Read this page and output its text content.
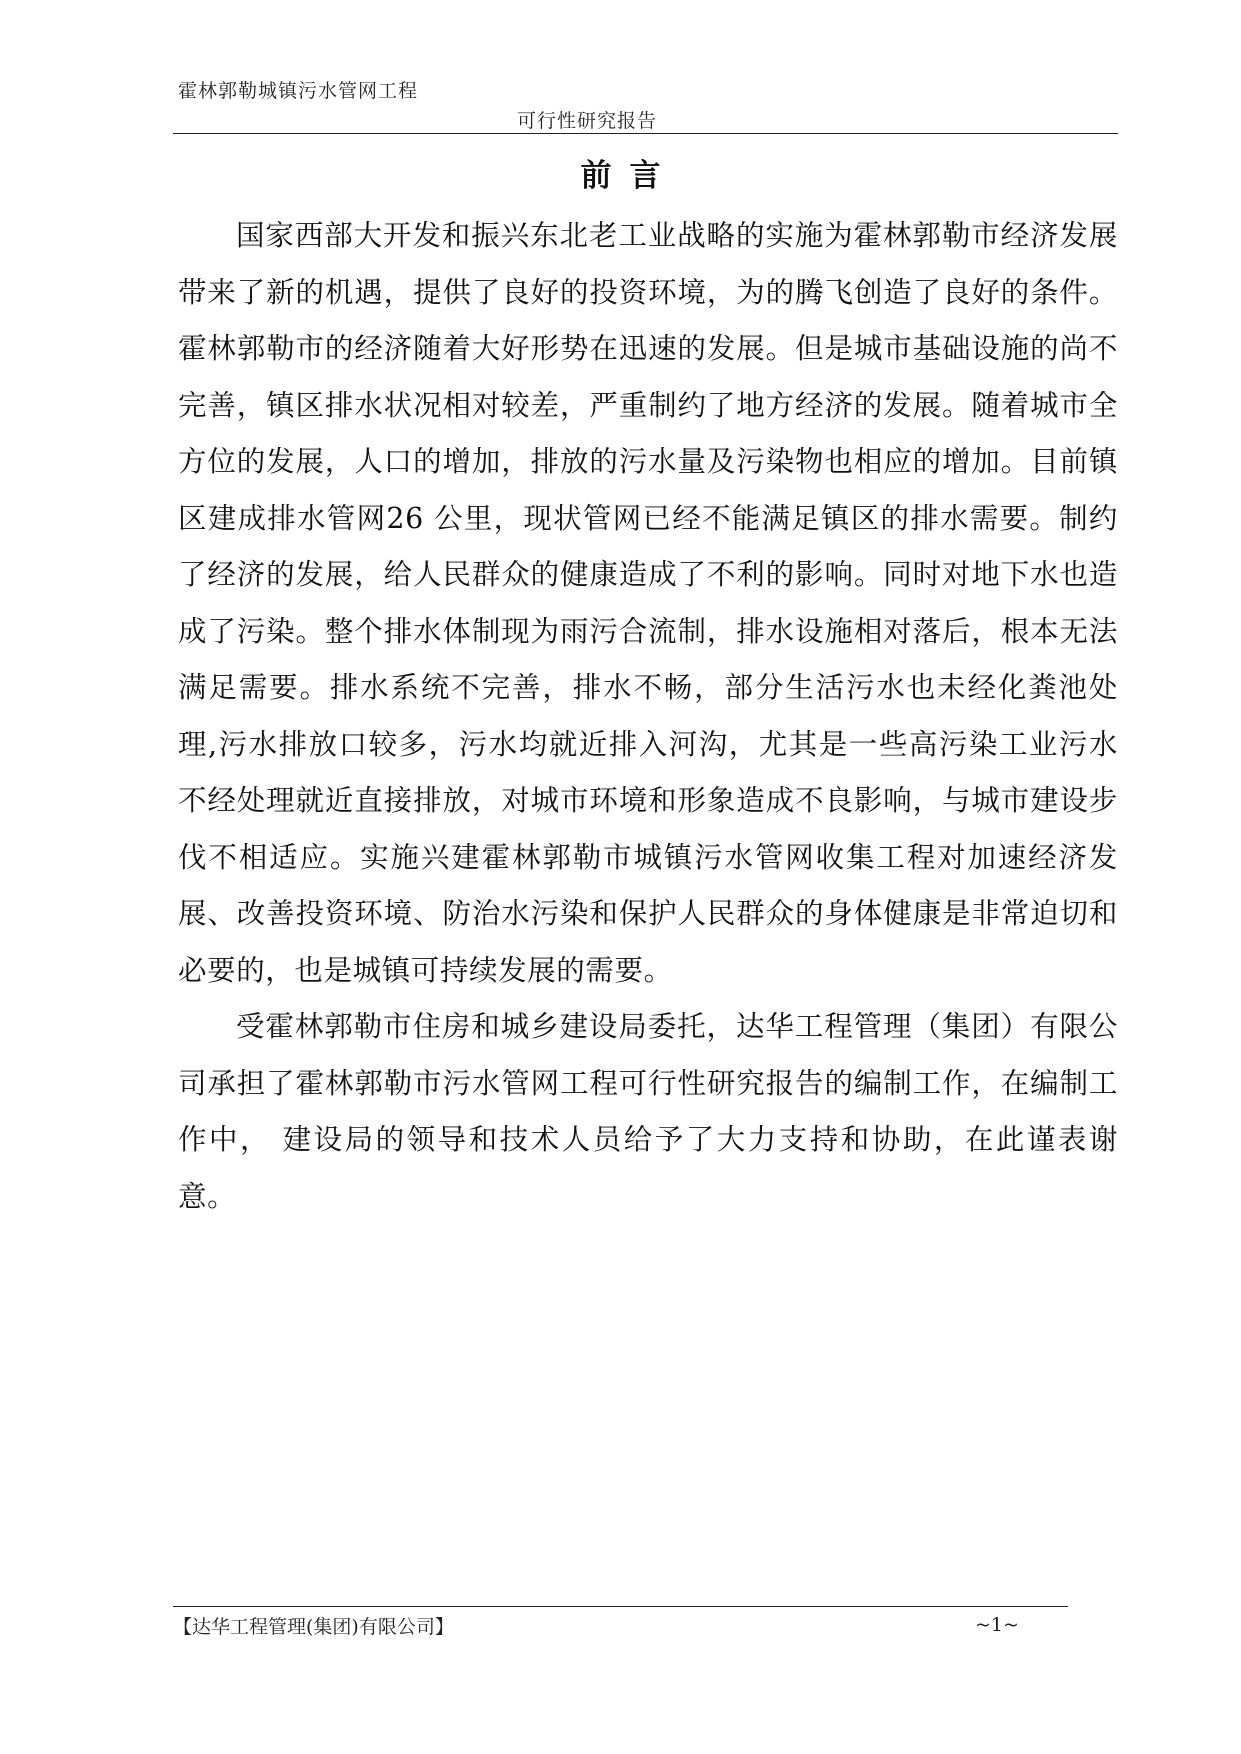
霍林郭勒城镇污水管网工程
可行性研究报告
前言

国家西部大开发和振兴东北老工业战略的实施为霍林郭勒市经济发展带来了新的机遇，提供了良好的投资环境，为的腾飞创造了良好的条件。霍林郭勒市的经济随着大好形势在迅速的发展。但是城市基础设施的尚不完善，镇区排水状况相对较差，严重制约了地方经济的发展。随着城市全方位的发展，人口的增加，排放的污水量及污染物也相应的增加。目前镇区建成排水管网26 公里，现状管网已经不能满足镇区的排水需要。制约了经济的发展，给人民群众的健康造成了不利的影响。同时对地下水也造成了污染。整个排水体制现为雨污合流制，排水设施相对落后，根本无法满足需要。排水系统不完善，排水不畅，部分生活污水也未经化粪池处理,污水排放口较多，污水均就近排入河沟，尤其是一些高污染工业污水不经处理就近直接排放，对城市环境和形象造成不良影响，与城市建设步伐不相适应。实施兴建霍林郭勒市城镇污水管网收集工程对加速经济发展、改善投资环境、防治水污染和保护人民群众的身体健康是非常迫切和必要的，也是城镇可持续发展的需要。

受霍林郭勒市住房和城乡建设局委托，达华工程管理（集团）有限公司承担了霍林郭勒市污水管网工程可行性研究报告的编制工作，在编制工作中， 建设局的领导和技术人员给予了大力支持和协助，在此谨表谢意。

【达华工程管理(集团)有限公司】	~1~
